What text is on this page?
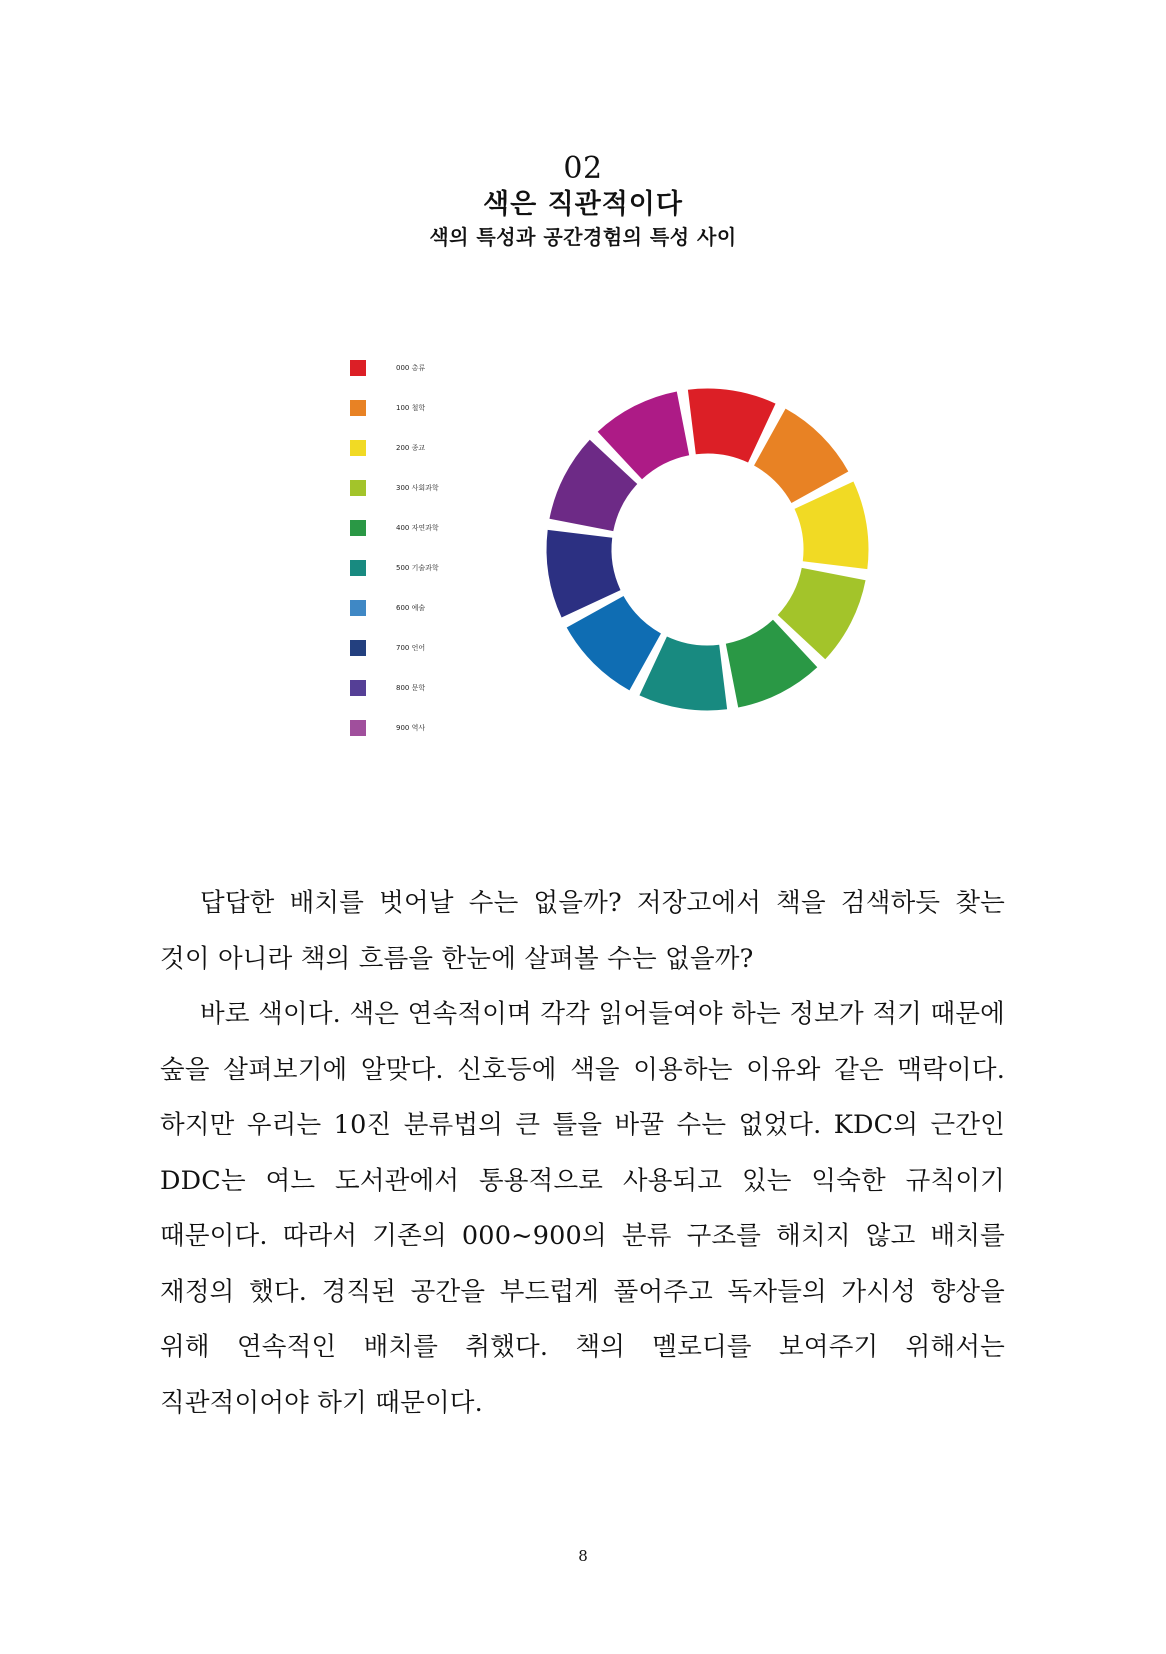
02
색은 직관적이다
색의 특성과 공간경험의 특성 사이
000 총류
100 철학
200 종교
300 사회과학
400 자연과학
500 기술과학
600 예술
700 언어
800 문학
900 역사

답답한 배치를 벗어날 수는 없을까? 저장고에서 책을 검색하듯 찾는 것이 아니라 책의 흐름을 한눈에 살펴볼 수는 없을까?

바로 색이다. 색은 연속적이며 각각 읽어들여야 하는 정보가 적기 때문에 숲을 살펴보기에 알맞다. 신호등에 색을 이용하는 이유와 같은 맥락이다. 하지만 우리는 10진 분류법의 큰 틀을 바꿀 수는 없었다. KDC의 근간인 DDC는 여느 도서관에서 통용적으로 사용되고 있는 익숙한 규칙이기 때문이다. 따라서 기존의 000~900의 분류 구조를 해치지 않고 배치를 재정의 했다. 경직된 공간을 부드럽게 풀어주고 독자들의 가시성 향상을 위해 연속적인 배치를 취했다. 책의 멜로디를 보여주기 위해서는 직관적이어야 하기 때문이다.

8
